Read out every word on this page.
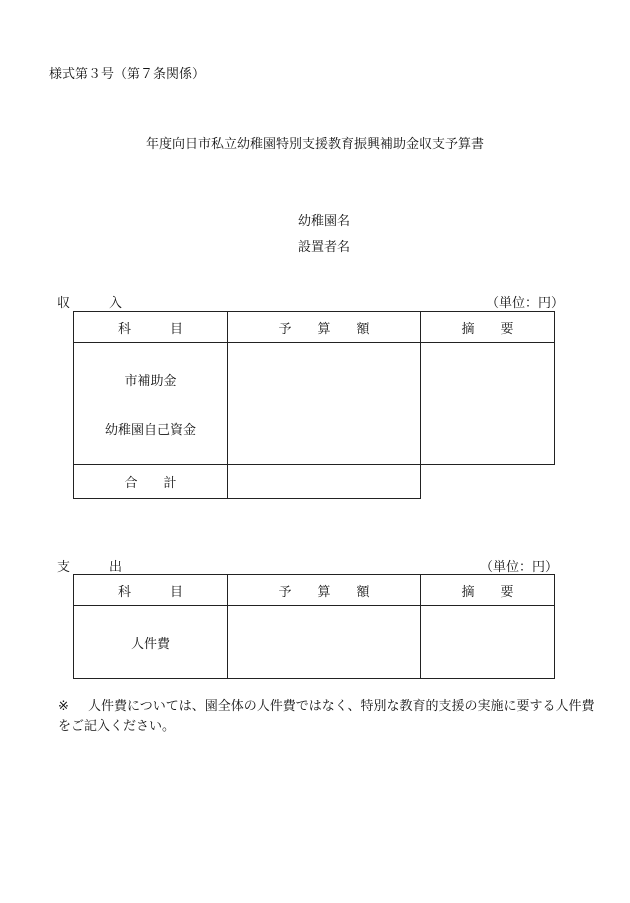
様式第３号（第７条関係）
年度向日市私立幼稚園特別支援教育振興補助金収支予算書
幼稚園名
設置者名
収　　　入	（単位：円）
科　　　目	予　　算　　額	摘　　要

市補助金
幼稚園自己資金		

合　　計		
支　　　出	（単位：円）
科　　　目	予　　算　　額	摘　　要
人件費		
※ 人件費については、園全体の人件費ではなく、特別な教育的支援の実施に要する人件費をご記入ください。
